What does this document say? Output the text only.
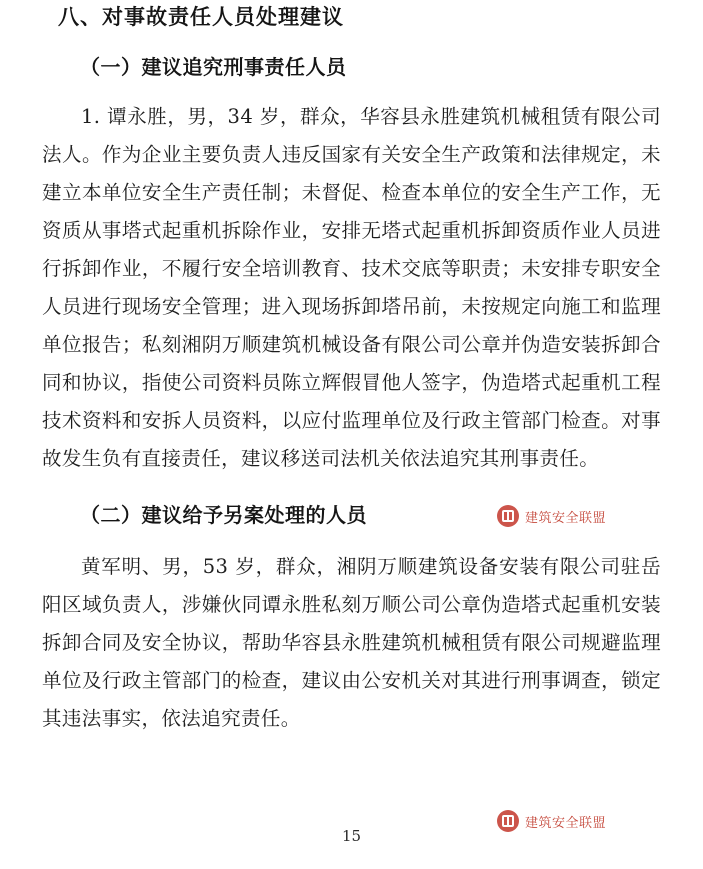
八、对事故责任人员处理建议
（一）建议追究刑事责任人员

1. 谭永胜，男，34 岁，群众，华容县永胜建筑机械租赁有限公司法人。作为企业主要负责人违反国家有关安全生产政策和法律规定，未建立本单位安全生产责任制；未督促、检查本单位的安全生产工作，无资质从事塔式起重机拆除作业，安排无塔式起重机拆卸资质作业人员进行拆卸作业，不履行安全培训教育、技术交底等职责；未安排专职安全人员进行现场安全管理；进入现场拆卸塔吊前，未按规定向施工和监理单位报告；私刻湘阴万顺建筑机械设备有限公司公章并伪造安装拆卸合同和协议，指使公司资料员陈立辉假冒他人签字，伪造塔式起重机工程技术资料和安拆人员资料，以应付监理单位及行政主管部门检查。对事故发生负有直接责任，建议移送司法机关依法追究其刑事责任。

（二）建议给予另案处理的人员

黄军明、男，53 岁，群众，湘阴万顺建筑设备安装有限公司驻岳阳区域负责人，涉嫌伙同谭永胜私刻万顺公司公章伪造塔式起重机安装拆卸合同及安全协议，帮助华容县永胜建筑机械租赁有限公司规避监理单位及行政主管部门的检查，建议由公安机关对其进行刑事调查，锁定其违法事实，依法追究责任。

15
建筑安全联盟
建筑安全联盟
